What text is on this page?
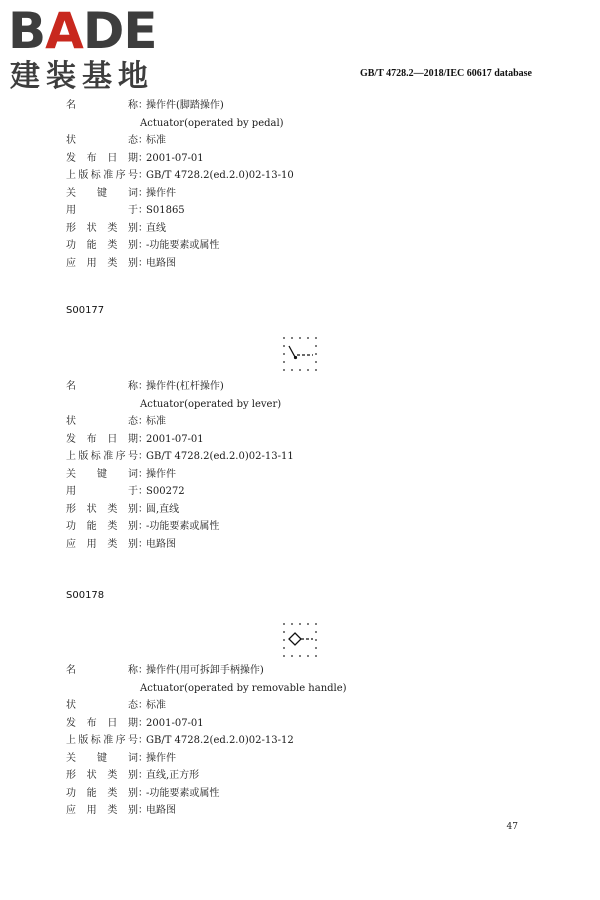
BADE
建装基地	GB/T 4728.2—2018/IEC 60617 database
名称：操作件(脚踏操作)
Actuator(operated by pedal)
状态：标准
发布日期：2001-07-01
上版标准序号：GB/T 4728.2(ed.2.0)02-13-10
关键词：操作件
用于：S01865
形状类别：直线
功能类别：-功能要素或属性
应用类别：电路图
S00177
名称：操作件(杠杆操作)
Actuator(operated by lever)
状态：标准
发布日期：2001-07-01
上版标准序号：GB/T 4728.2(ed.2.0)02-13-11
关键词：操作件
用于：S00272
形状类别：圆,直线
功能类别：-功能要素或属性
应用类别：电路图
S00178
名称：操作件(用可拆卸手柄操作)
Actuator(operated by removable handle)
状态：标准
发布日期：2001-07-01
上版标准序号：GB/T 4728.2(ed.2.0)02-13-12
关键词：操作件
形状类别：直线,正方形
功能类别：-功能要素或属性
应用类别：电路图
47
